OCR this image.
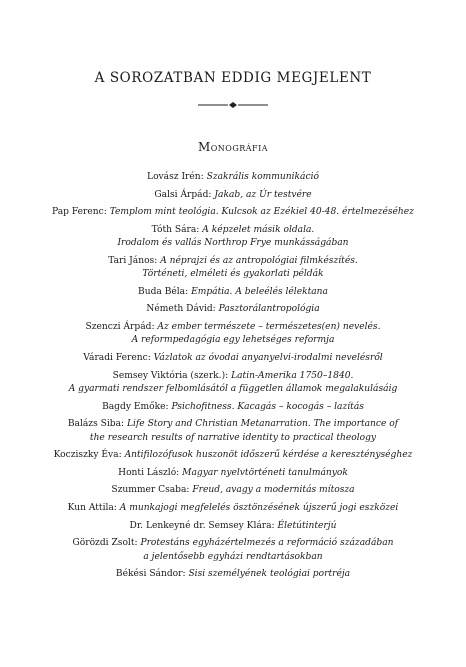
A SOROZATBAN EDDIG MEGJELENT
Monográfia

Lovász Irén: Szakrális kommunikáció

Galsi Árpád: Jakab, az Úr testvére

Pap Ferenc: Templom mint teológia. Kulcsok az Ezékiel 40-48. értelmezéséhez

Tóth Sára: A képzelet másik oldala.
Irodalom és vallás Northrop Frye munkásságában

Tari János: A néprajzi és az antropológiai filmkészítés.
Történeti, elméleti és gyakorlati példák

Buda Béla: Empátia. A beleélés lélektana

Németh Dávid: Pasztorálantropológia

Szenczi Árpád: Az ember természete – természetes(en) nevelés.
A reformpedagógia egy lehetséges reformja

Váradi Ferenc: Vázlatok az óvodai anyanyelvi-irodalmi nevelésről

Semsey Viktória (szerk.): Latin-Amerika 1750–1840.
A gyarmati rendszer felbomlásától a független államok megalakulásáig

Bagdy Emőke: Psichofitness. Kacagás – kocogás – lazítás

Balázs Siba: Life Story and Christian Metanarration. The importance of
the research results of narrative identity to practical theology

Kocziszky Éva: Antifilozófusok huszonöt időszerű kérdése a kereszténységhez

Honti László: Magyar nyelvtörténeti tanulmányok

Szummer Csaba: Freud, avagy a modernitás mítosza

Kun Attila: A munkajogi megfelelés ösztönzésének újszerű jogi eszközei

Dr. Lenkeyné dr. Semsey Klára: Életútinterjú

Görözdi Zsolt: Protestáns egyházértelmezés a reformáció századában
a jelentősebb egyházi rendtartásokban

Békési Sándor: Sisi személyének teológiai portréja
